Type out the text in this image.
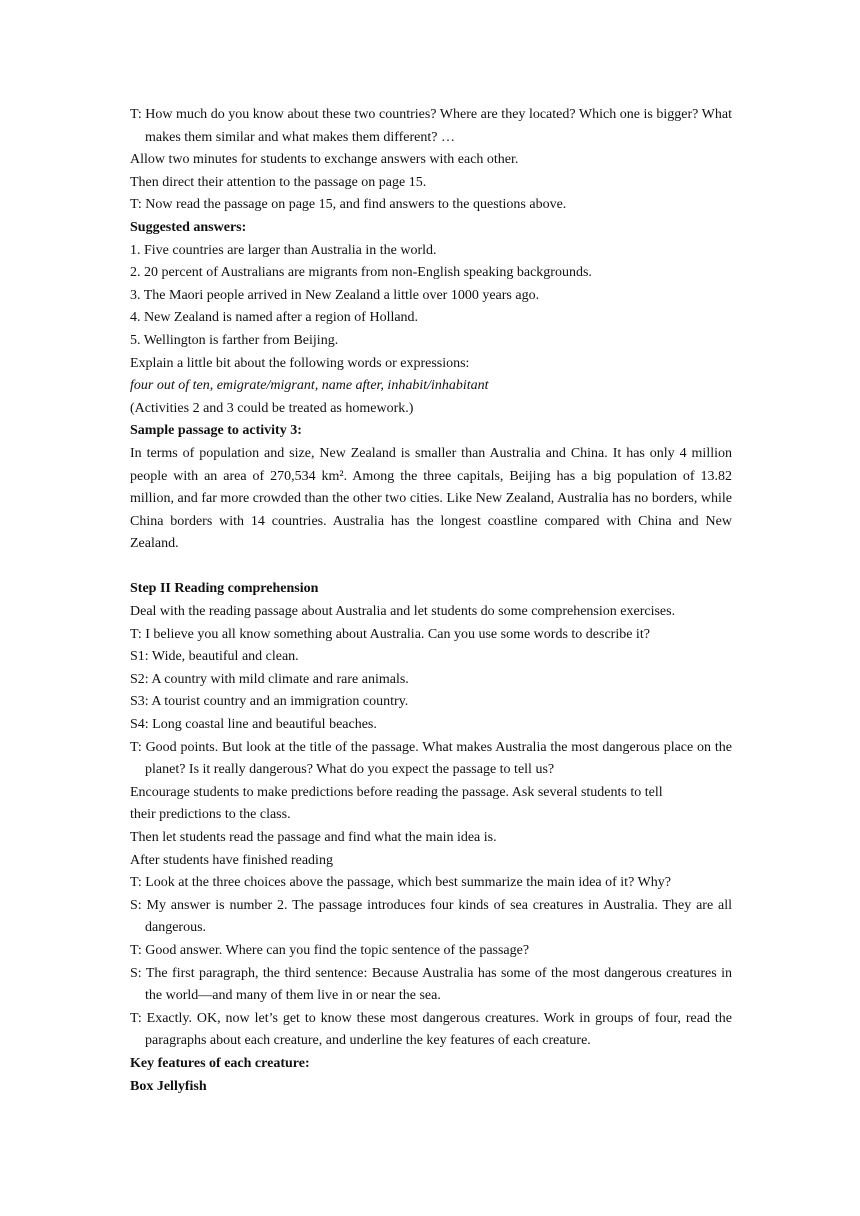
T: How much do you know about these two countries? Where are they located? Which one is bigger? What makes them similar and what makes them different? …

Allow two minutes for students to exchange answers with each other.

Then direct their attention to the passage on page 15.

T: Now read the passage on page 15, and find answers to the questions above.

Suggested answers:

1. Five countries are larger than Australia in the world.

2. 20 percent of Australians are migrants from non-English speaking backgrounds.

3. The Maori people arrived in New Zealand a little over 1000 years ago.

4. New Zealand is named after a region of Holland.

5. Wellington is farther from Beijing.

Explain a little bit about the following words or expressions:

four out of ten, emigrate/migrant, name after, inhabit/inhabitant

(Activities 2 and 3 could be treated as homework.)

Sample passage to activity 3:

In terms of population and size, New Zealand is smaller than Australia and China. It has only 4 million people with an area of 270,534 km². Among the three capitals, Beijing has a big population of 13.82 million, and far more crowded than the other two cities. Like New Zealand, Australia has no borders, while China borders with 14 countries. Australia has the longest coastline compared with China and New Zealand.

Step II Reading comprehension

Deal with the reading passage about Australia and let students do some comprehension exercises.

T: I believe you all know something about Australia. Can you use some words to describe it?

S1: Wide, beautiful and clean.

S2: A country with mild climate and rare animals.

S3: A tourist country and an immigration country.

S4: Long coastal line and beautiful beaches.

T: Good points. But look at the title of the passage. What makes Australia the most dangerous place on the planet? Is it really dangerous? What do you expect the passage to tell us?

Encourage students to make predictions before reading the passage. Ask several students to tell

their predictions to the class.

Then let students read the passage and find what the main idea is.

After students have finished reading

T: Look at the three choices above the passage, which best summarize the main idea of it? Why?

S: My answer is number 2. The passage introduces four kinds of sea creatures in Australia. They are all dangerous.

T: Good answer. Where can you find the topic sentence of the passage?

S: The first paragraph, the third sentence: Because Australia has some of the most dangerous creatures in the world—and many of them live in or near the sea.

T: Exactly. OK, now let’s get to know these most dangerous creatures. Work in groups of four, read the paragraphs about each creature, and underline the key features of each creature.

Key features of each creature:

Box Jellyfish
